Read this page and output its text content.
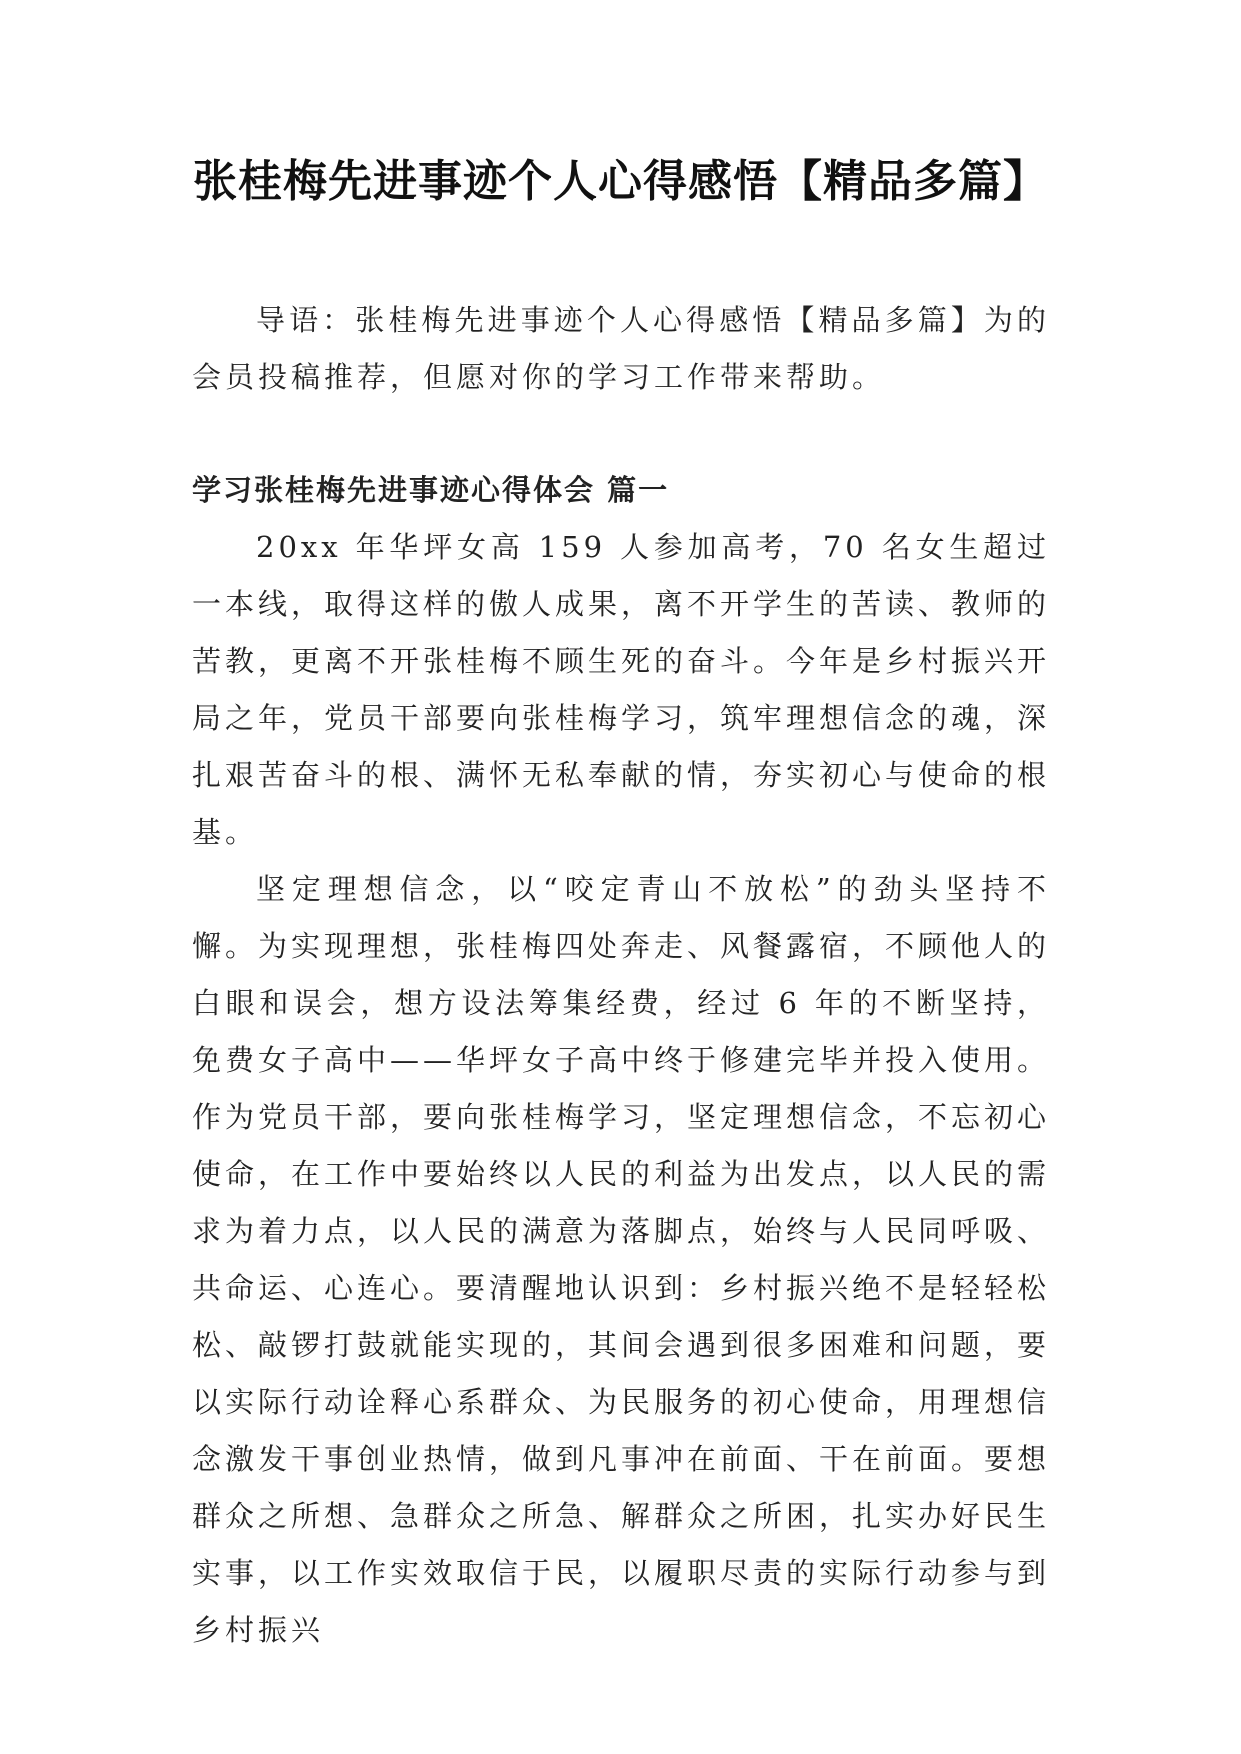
张桂梅先进事迹个人心得感悟【精品多篇】

导语：张桂梅先进事迹个人心得感悟【精品多篇】为的会员投稿推荐，但愿对你的学习工作带来帮助。

学习张桂梅先进事迹心得体会 篇一

20xx 年华坪女高 159 人参加高考，70 名女生超过一本线，取得这样的傲人成果，离不开学生的苦读、教师的苦教，更离不开张桂梅不顾生死的奋斗。今年是乡村振兴开局之年，党员干部要向张桂梅学习，筑牢理想信念的魂，深扎艰苦奋斗的根、满怀无私奉献的情，夯实初心与使命的根基。

坚定理想信念，以“咬定青山不放松”的劲头坚持不懈。为实现理想，张桂梅四处奔走、风餐露宿，不顾他人的白眼和误会，想方设法筹集经费，经过 6 年的不断坚持，免费女子高中——华坪女子高中终于修建完毕并投入使用。作为党员干部，要向张桂梅学习，坚定理想信念，不忘初心使命，在工作中要始终以人民的利益为出发点，以人民的需求为着力点，以人民的满意为落脚点，始终与人民同呼吸、共命运、心连心。要清醒地认识到：乡村振兴绝不是轻轻松松、敲锣打鼓就能实现的，其间会遇到很多困难和问题，要以实际行动诠释心系群众、为民服务的初心使命，用理想信念激发干事创业热情，做到凡事冲在前面、干在前面。要想群众之所想、急群众之所急、解群众之所困，扎实办好民生实事，以工作实效取信于民，以履职尽责的实际行动参与到乡村振兴
